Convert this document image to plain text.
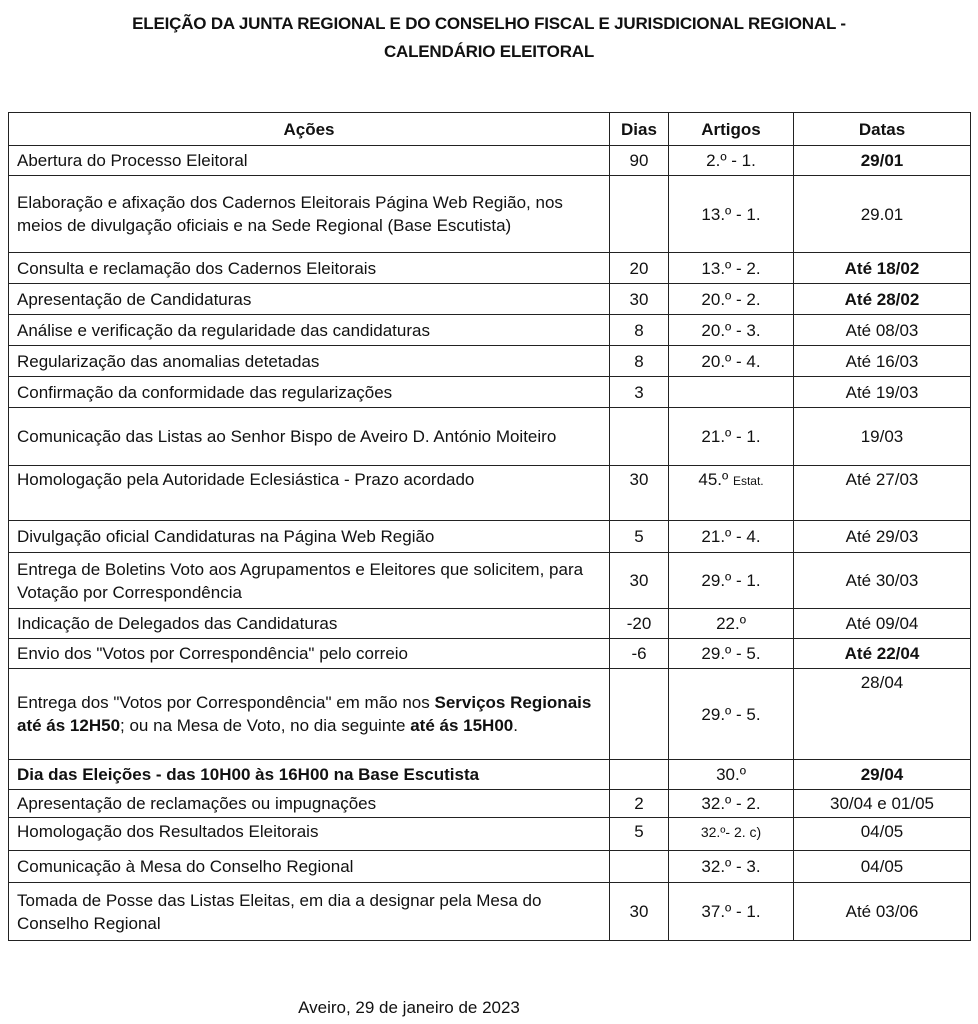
ELEIÇÃO DA JUNTA REGIONAL E DO CONSELHO FISCAL E JURISDICIONAL REGIONAL -
CALENDÁRIO ELEITORAL
Ações	Dias	Artigos	Datas
Abertura do Processo Eleitoral	90	2.º - 1.	29/01
Elaboração e afixação dos Cadernos Eleitorais Página Web Região, nos meios de divulgação oficiais e na Sede Regional (Base Escutista)		13.º - 1.	29.01
Consulta e reclamação dos Cadernos Eleitorais	20	13.º - 2.	Até 18/02
Apresentação de Candidaturas	30	20.º - 2.	Até 28/02
Análise e verificação da regularidade das candidaturas	8	20.º - 3.	Até 08/03
Regularização das anomalias detetadas	8	20.º - 4.	Até 16/03
Confirmação da conformidade das regularizações	3		Até 19/03
Comunicação das Listas ao Senhor Bispo de Aveiro D. António Moiteiro		21.º - 1.	19/03
Homologação pela Autoridade Eclesiástica - Prazo acordado	30	45.º Estat.	Até 27/03
Divulgação oficial Candidaturas na Página Web Região	5	21.º - 4.	Até 29/03
Entrega de Boletins Voto aos Agrupamentos e Eleitores que solicitem, para Votação por Correspondência	30	29.º - 1.	Até 30/03
Indicação de Delegados das Candidaturas	-20	22.º	Até 09/04
Envio dos "Votos por Correspondência" pelo correio	-6	29.º - 5.	Até 22/04
Entrega dos "Votos por Correspondência" em mão nos Serviços Regionais até ás 12H50; ou na Mesa de Voto, no dia seguinte até ás 15H00.		29.º - 5.	28/04
Dia das Eleições - das 10H00 às 16H00 na Base Escutista		30.º	29/04
Apresentação de reclamações ou impugnações	2	32.º - 2.	30/04 e 01/05
Homologação dos Resultados Eleitorais	5	32.º- 2. c)	04/05
Comunicação à Mesa do Conselho Regional		32.º - 3.	04/05
Tomada de Posse das Listas Eleitas, em dia a designar pela Mesa do Conselho Regional	30	37.º - 1.	Até 03/06
Aveiro, 29 de janeiro de 2023
